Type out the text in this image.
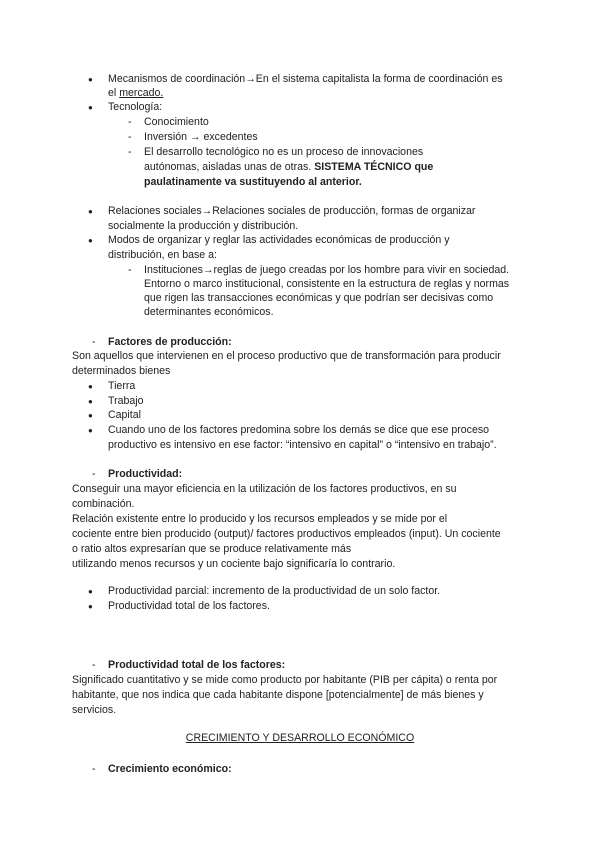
● Mecanismos de coordinación→En el sistema capitalista la forma de coordinación es
el mercado.
● Tecnología:
- Conocimiento
- Inversión → excedentes
- El desarrollo tecnológico no es un proceso de innovaciones
autónomas, aisladas unas de otras. SISTEMA TÉCNICO que
paulatinamente va sustituyendo al anterior.
● Relaciones sociales→Relaciones sociales de producción, formas de organizar
socialmente la producción y distribución.
● Modos de organizar y reglar las actividades económicas de producción y
distribución, en base a:
- Instituciones→reglas de juego creadas por los hombre para vivir en sociedad.
Entorno o marco institucional, consistente en la estructura de reglas y normas
que rigen las transacciones económicas y que podrían ser decisivas como
determinantes económicos.
- Factores de producción:
Son aquellos que intervienen en el proceso productivo que de transformación para producir
determinados bienes
● Tierra
● Trabajo
● Capital
● Cuando uno de los factores predomina sobre los demás se dice que ese proceso
productivo es intensivo en ese factor: “intensivo en capital” o “intensivo en trabajo”.
- Productividad:
Conseguir una mayor eficiencia en la utilización de los factores productivos, en su
combinación.
Relación existente entre lo producido y los recursos empleados y se mide por el
cociente entre bien producido (output)/ factores productivos empleados (input). Un cociente
o ratio altos expresarían que se produce relativamente más
utilizando menos recursos y un cociente bajo significaría lo contrario.
● Productividad parcial: incremento de la productividad de un solo factor.
● Productividad total de los factores.
- Productividad total de los factores:
Significado cuantitativo y se mide como producto por habitante (PIB per cápita) o renta por
habitante, que nos indica que cada habitante dispone [potencialmente] de más bienes y
servicios.
CRECIMIENTO Y DESARROLLO ECONÓMICO
- Crecimiento económico:
